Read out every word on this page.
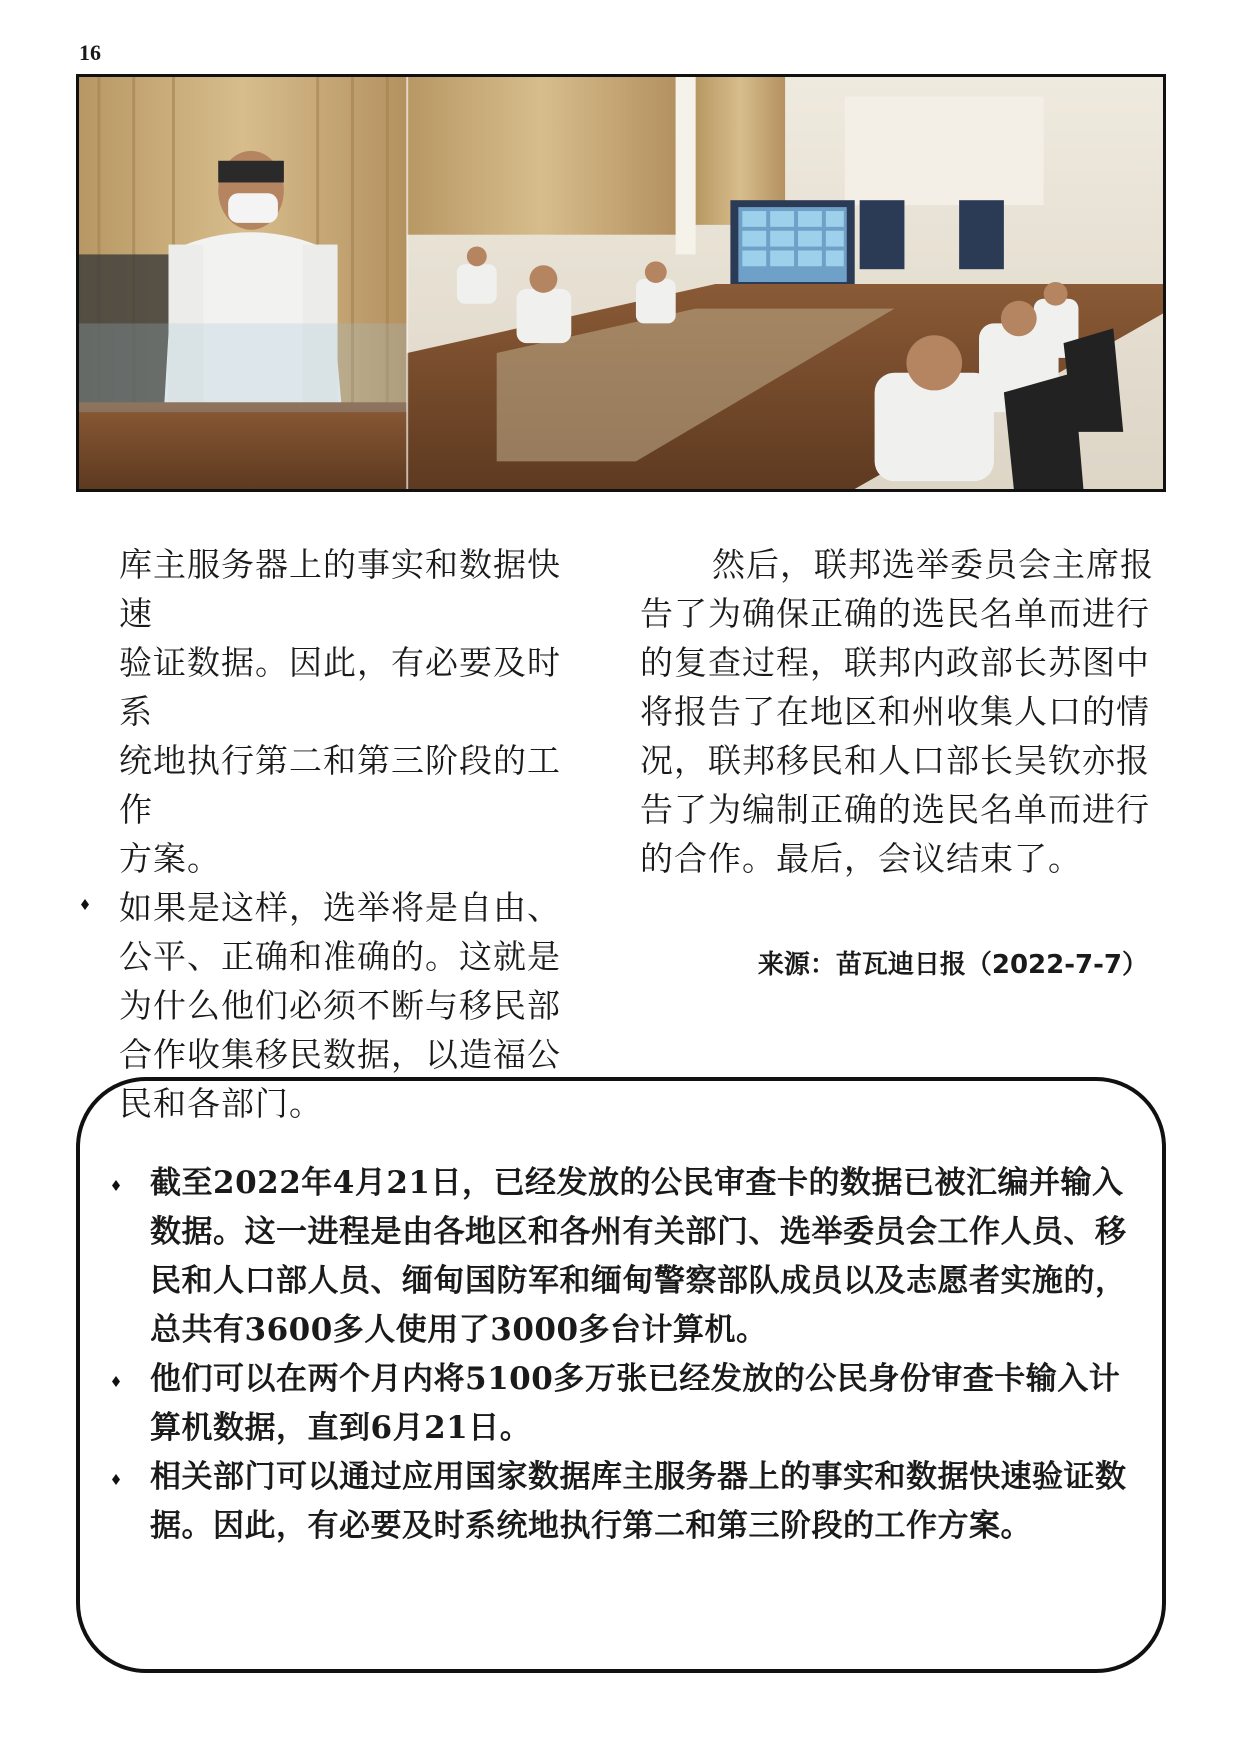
16

库主服务器上的事实和数据快速

验证数据。因此，有必要及时系

统地执行第二和第三阶段的工作

方案。

如果是这样，选举将是自由、公平、正确和准确的。这就是为什么他们必须不断与移民部合作收集移民数据，以造福公民和各部门。

然后，联邦选举委员会主席报告了为确保正确的选民名单而进行的复查过程，联邦内政部长苏图中将报告了在地区和州收集人口的情况，联邦移民和人口部长吴钦亦报告了为编制正确的选民名单而进行的合作。最后，会议结束了。

来源：苗瓦迪日报（2022-7-7）
截至2022年4月21日，已经发放的公民审查卡的数据已被汇编并输入数据。这一进程是由各地区和各州有关部门、选举委员会工作人员、移民和人口部人员、缅甸国防军和缅甸警察部队成员以及志愿者实施的，总共有3600多人使用了3000多台计算机。
他们可以在两个月内将5100多万张已经发放的公民身份审查卡输入计算机数据，直到6月21日。
相关部门可以通过应用国家数据库主服务器上的事实和数据快速验证数据。因此，有必要及时系统地执行第二和第三阶段的工作方案。
